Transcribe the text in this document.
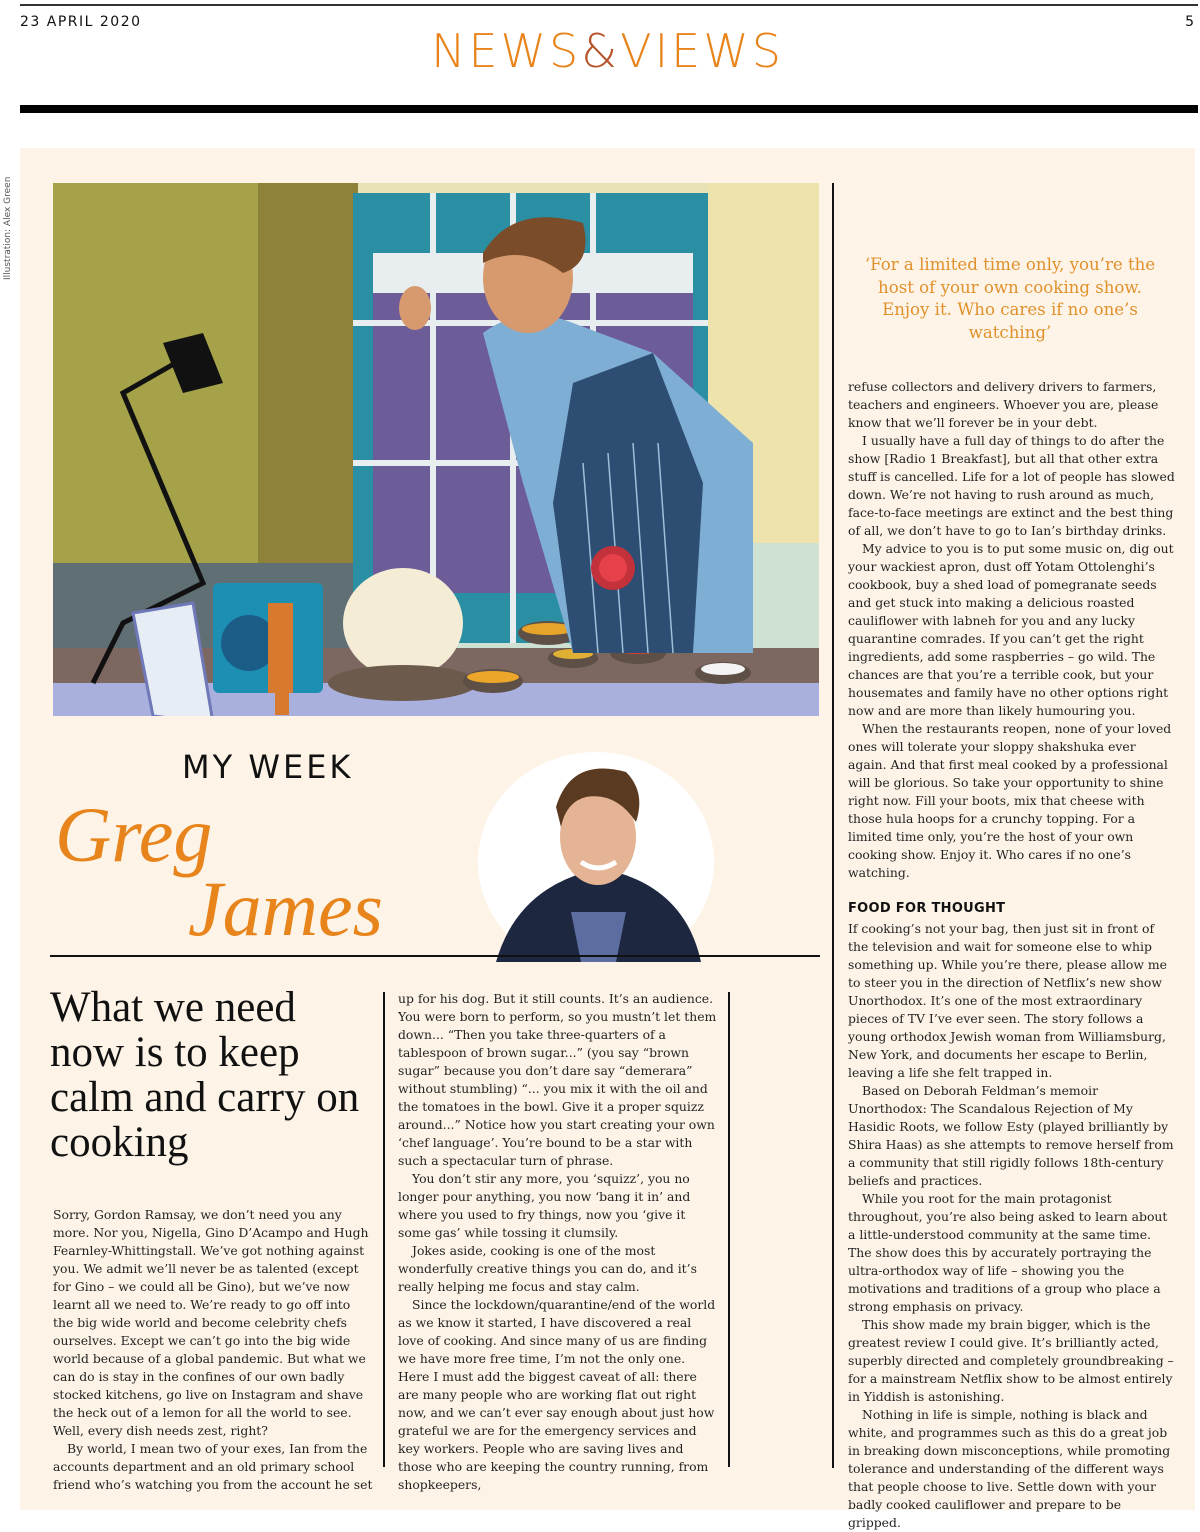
23 APRIL 2020	5
NEWS&VIEWS
Illustration: Alex Green
MY WEEK
Greg
James
What we need now is to keep calm and carry on cooking

Sorry, Gordon Ramsay, we don’t need you any more. Nor you, Nigella, Gino D’Acampo and Hugh Fearnley-Whittingstall. We’ve got nothing against you. We admit we’ll never be as talented (except for Gino – we could all be Gino), but we’ve now learnt all we need to. We’re ready to go off into the big wide world and become celebrity chefs ourselves. Except we can’t go into the big wide world because of a global pandemic. But what we can do is stay in the confines of our own badly stocked kitchens, go live on Instagram and shave the heck out of a lemon for all the world to see. Well, every dish needs zest, right?

By world, I mean two of your exes, Ian from the accounts department and an old primary school friend who’s watching you from the account he set

up for his dog. But it still counts. It’s an audience. You were born to perform, so you mustn’t let them down... “Then you take three-quarters of a tablespoon of brown sugar...” (you say “brown sugar” because you don’t dare say “demerara” without stumbling) “... you mix it with the oil and the tomatoes in the bowl. Give it a proper squizz around...” Notice how you start creating your own ‘chef language’. You’re bound to be a star with such a spectacular turn of phrase.

You don’t stir any more, you ‘squizz’, you no longer pour anything, you now ‘bang it in’ and where you used to fry things, now you ‘give it some gas’ while tossing it clumsily.

Jokes aside, cooking is one of the most wonderfully creative things you can do, and it’s really helping me focus and stay calm.

Since the lockdown/quarantine/end of the world as we know it started, I have discovered a real love of cooking. And since many of us are finding we have more free time, I’m not the only one. Here I must add the biggest caveat of all: there are many people who are working flat out right now, and we can’t ever say enough about just how grateful we are for the emergency services and key workers. People who are saving lives and those who are keeping the country running, from shopkeepers,

‘For a limited time only, you’re the host of your own cooking show. Enjoy it. Who cares if no one’s watching’

refuse collectors and delivery drivers to farmers, teachers and engineers. Whoever you are, please know that we’ll forever be in your debt.

I usually have a full day of things to do after the show [Radio 1 Breakfast], but all that other extra stuff is cancelled. Life for a lot of people has slowed down. We’re not having to rush around as much, face-to-face meetings are extinct and the best thing of all, we don’t have to go to Ian’s birthday drinks.

My advice to you is to put some music on, dig out your wackiest apron, dust off Yotam Ottolenghi’s cookbook, buy a shed load of pomegranate seeds and get stuck into making a delicious roasted cauliflower with labneh for you and any lucky quarantine comrades. If you can’t get the right ingredients, add some raspberries – go wild. The chances are that you’re a terrible cook, but your housemates and family have no other options right now and are more than likely humouring you.

When the restaurants reopen, none of your loved ones will tolerate your sloppy shakshuka ever again. And that first meal cooked by a professional will be glorious. So take your opportunity to shine right now. Fill your boots, mix that cheese with those hula hoops for a crunchy topping. For a limited time only, you’re the host of your own cooking show. Enjoy it. Who cares if no one’s watching.

FOOD FOR THOUGHT

If cooking’s not your bag, then just sit in front of the television and wait for someone else to whip something up. While you’re there, please allow me to steer you in the direction of Netflix’s new show Unorthodox. It’s one of the most extraordinary pieces of TV I’ve ever seen. The story follows a young orthodox Jewish woman from Williamsburg, New York, and documents her escape to Berlin, leaving a life she felt trapped in.

Based on Deborah Feldman’s memoir Unorthodox: The Scandalous Rejection of My Hasidic Roots, we follow Esty (played brilliantly by Shira Haas) as she attempts to remove herself from a community that still rigidly follows 18th-century beliefs and practices.

While you root for the main protagonist throughout, you’re also being asked to learn about a little-understood community at the same time. The show does this by accurately portraying the ultra-orthodox way of life – showing you the motivations and traditions of a group who place a strong emphasis on privacy.

This show made my brain bigger, which is the greatest review I could give. It’s brilliantly acted, superbly directed and completely groundbreaking – for a mainstream Netflix show to be almost entirely in Yiddish is astonishing.

Nothing in life is simple, nothing is black and white, and programmes such as this do a great job in breaking down misconceptions, while promoting tolerance and understanding of the different ways that people choose to live. Settle down with your badly cooked cauliflower and prepare to be gripped.
